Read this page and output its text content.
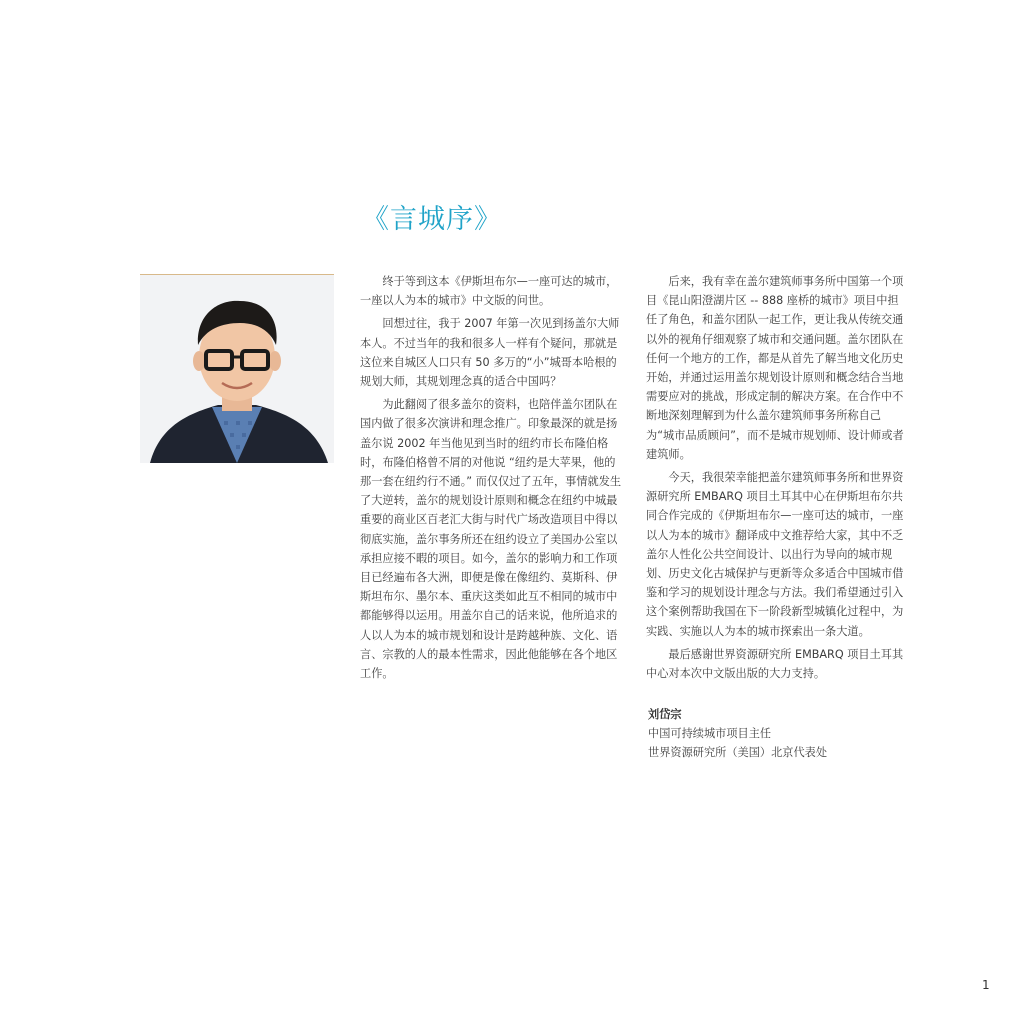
《言城序》

终于等到这本《伊斯坦布尔—一座可达的城市，一座以人为本的城市》中文版的问世。

回想过往，我于 2007 年第一次见到扬盖尔大师本人。不过当年的我和很多人一样有个疑问，那就是这位来自城区人口只有 50 多万的“小”城哥本哈根的规划大师，其规划理念真的适合中国吗？

为此翻阅了很多盖尔的资料，也陪伴盖尔团队在国内做了很多次演讲和理念推广。印象最深的就是扬盖尔说 2002 年当他见到当时的纽约市长布隆伯格时，布隆伯格曾不屑的对他说 “纽约是大苹果，他的那一套在纽约行不通。” 而仅仅过了五年，事情就发生了大逆转，盖尔的规划设计原则和概念在纽约中城最重要的商业区百老汇大街与时代广场改造项目中得以彻底实施，盖尔事务所还在纽约设立了美国办公室以承担应接不暇的项目。如今，盖尔的影响力和工作项目已经遍布各大洲，即便是像在像纽约、莫斯科、伊斯坦布尔、墨尔本、重庆这类如此互不相同的城市中都能够得以运用。用盖尔自己的话来说，他所追求的人以人为本的城市规划和设计是跨越种族、文化、语言、宗教的人的最本性需求，因此他能够在各个地区工作。

后来，我有幸在盖尔建筑师事务所中国第一个项目《昆山阳澄湖片区 -- 888 座桥的城市》项目中担任了角色，和盖尔团队一起工作，更让我从传统交通以外的视角仔细观察了城市和交通问题。盖尔团队在任何一个地方的工作，都是从首先了解当地文化历史开始，并通过运用盖尔规划设计原则和概念结合当地需要应对的挑战，形成定制的解决方案。在合作中不断地深刻理解到为什么盖尔建筑师事务所称自己为“城市品质顾问”，而不是城市规划师、设计师或者建筑师。

今天，我很荣幸能把盖尔建筑师事务所和世界资源研究所 EMBARQ 项目土耳其中心在伊斯坦布尔共同合作完成的《伊斯坦布尔—一座可达的城市，一座以人为本的城市》翻译成中文推荐给大家，其中不乏盖尔人性化公共空间设计、以出行为导向的城市规划、历史文化古城保护与更新等众多适合中国城市借鉴和学习的规划设计理念与方法。我们希望通过引入这个案例帮助我国在下一阶段新型城镇化过程中，为实践、实施以人为本的城市探索出一条大道。

最后感谢世界资源研究所 EMBARQ 项目土耳其中心对本次中文版出版的大力支持。

刘岱宗
中国可持续城市项目主任
世界资源研究所（美国）北京代表处
1
